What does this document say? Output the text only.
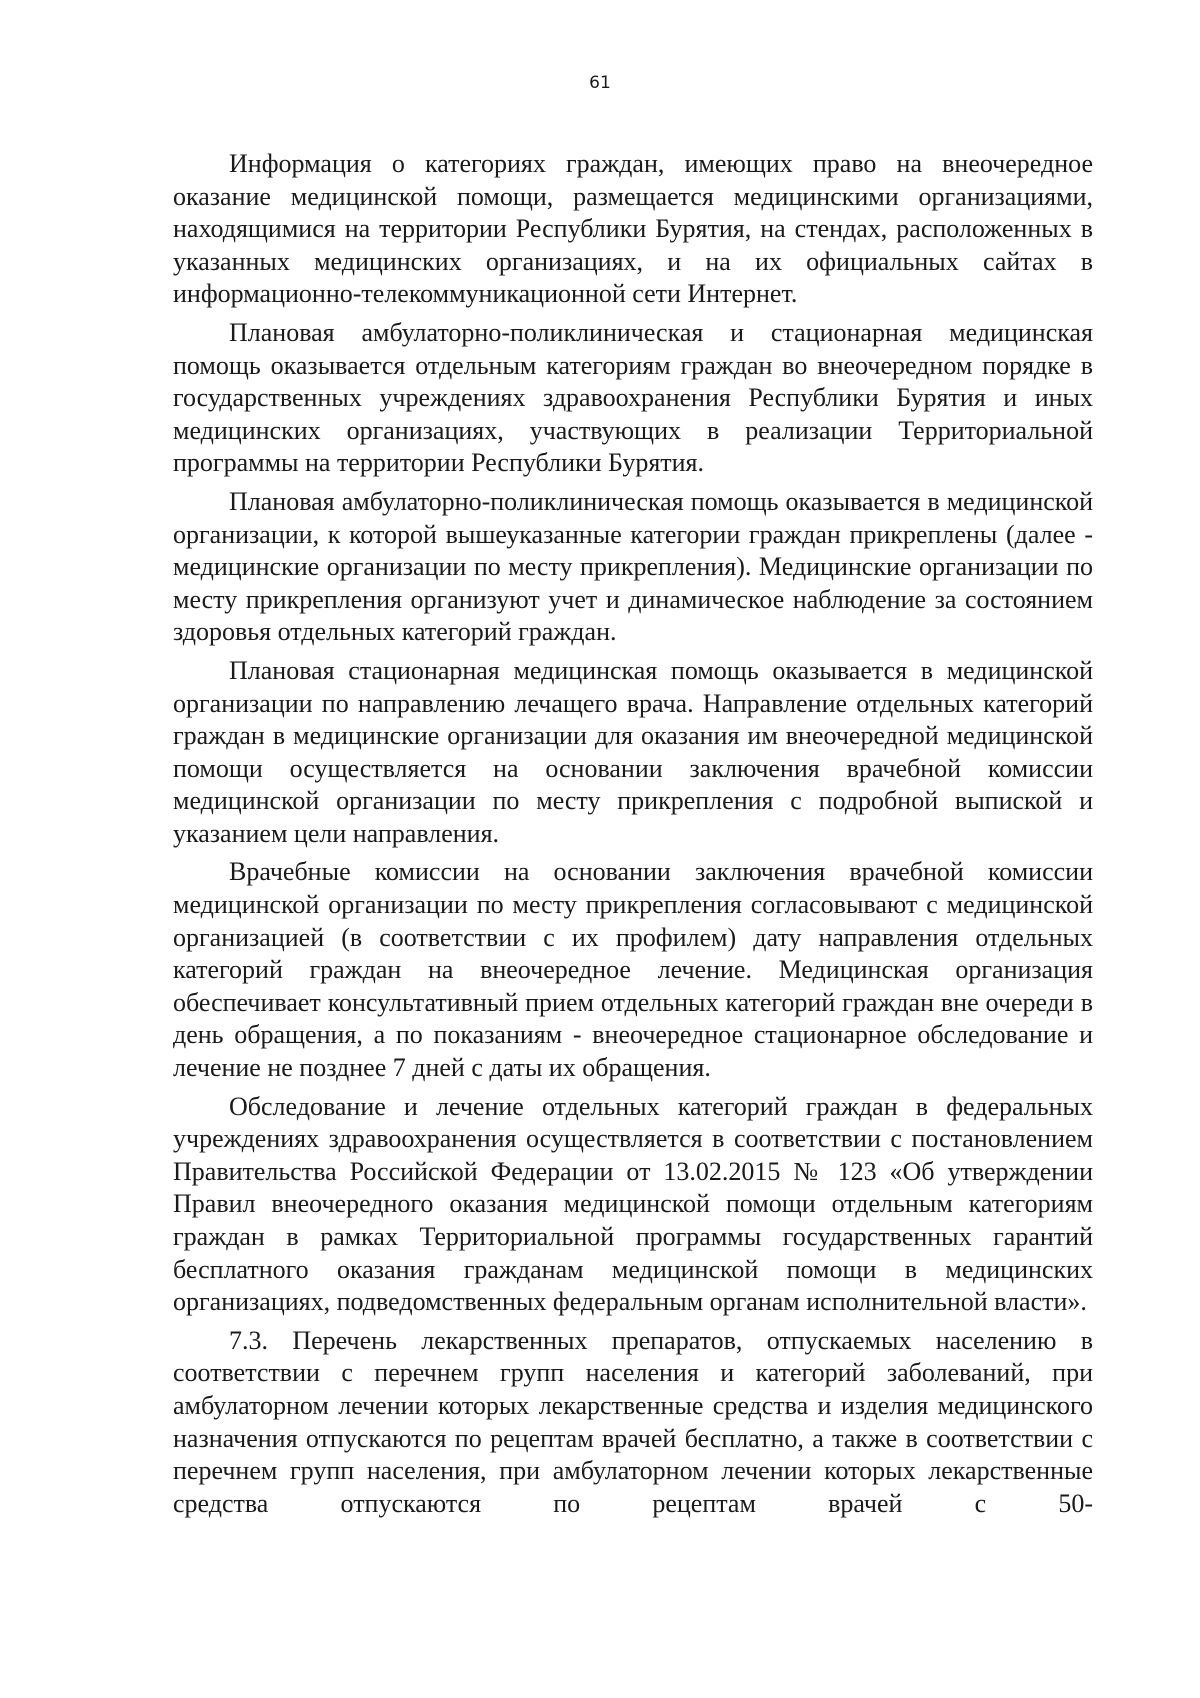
61

Информация о категориях граждан, имеющих право на внеочередное оказание медицинской помощи, размещается медицинскими организациями, находящимися на территории Республики Бурятия, на стендах, расположенных в указанных медицинских организациях, и на их официальных сайтах в информационно-телекоммуникационной сети Интернет.

Плановая амбулаторно-поликлиническая и стационарная медицинская помощь оказывается отдельным категориям граждан во внеочередном порядке в государственных учреждениях здравоохранения Республики Бурятия и иных медицинских организациях, участвующих в реализации Территориальной программы на территории Республики Бурятия.

Плановая амбулаторно-поликлиническая помощь оказывается в медицинской организации, к которой вышеуказанные категории граждан прикреплены (далее - медицинские организации по месту прикрепления). Медицинские организации по месту прикрепления организуют учет и динамическое наблюдение за состоянием здоровья отдельных категорий граждан.

Плановая стационарная медицинская помощь оказывается в медицинской организации по направлению лечащего врача. Направление отдельных категорий граждан в медицинские организации для оказания им внеочередной медицинской помощи осуществляется на основании заключения врачебной комиссии медицинской организации по месту прикрепления с подробной выпиской и указанием цели направления.

Врачебные комиссии на основании заключения врачебной комиссии медицинской организации по месту прикрепления согласовывают с медицинской организацией (в соответствии с их профилем) дату направления отдельных категорий граждан на внеочередное лечение. Медицинская организация обеспечивает консультативный прием отдельных категорий граждан вне очереди в день обращения, а по показаниям - внеочередное стационарное обследование и лечение не позднее 7 дней с даты их обращения.

Обследование и лечение отдельных категорий граждан в федеральных учреждениях здравоохранения осуществляется в соответствии с постановлением Правительства Российской Федерации от 13.02.2015 № 123 «Об утверждении Правил внеочередного оказания медицинской помощи отдельным категориям граждан в рамках Территориальной программы государственных гарантий бесплатного оказания гражданам медицинской помощи в медицинских организациях, подведомственных федеральным органам исполнительной власти».

7.3. Перечень лекарственных препаратов, отпускаемых населению в соответствии с перечнем групп населения и категорий заболеваний, при амбулаторном лечении которых лекарственные средства и изделия медицинского назначения отпускаются по рецептам врачей бесплатно, а также в соответствии с перечнем групп населения, при амбулаторном лечении которых лекарственные средства отпускаются по рецептам врачей с 50-
